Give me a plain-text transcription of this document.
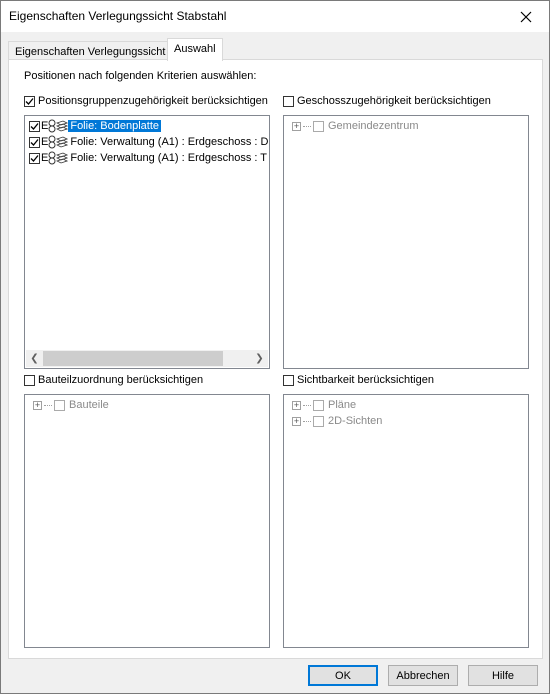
Eigenschaften Verlegungssicht Stabstahl
Eigenschaften Verlegungssicht Auswahl
Positionen nach folgenden Kriterien auswählen:
Positionsgruppenzugehörigkeit berücksichtigen
E Folie: Bodenplatte
E Folie: Verwaltung (A1) : Erdgeschoss : D
E Folie: Verwaltung (A1) : Erdgeschoss : T
❮	❯
Geschosszugehörigkeit berücksichtigen
+	Gemeindezentrum
Bauteilzuordnung berücksichtigen
+	Bauteile
Sichtbarkeit berücksichtigen
+	Pläne
+	2D-Sichten
OK	Abbrechen	Hilfe
